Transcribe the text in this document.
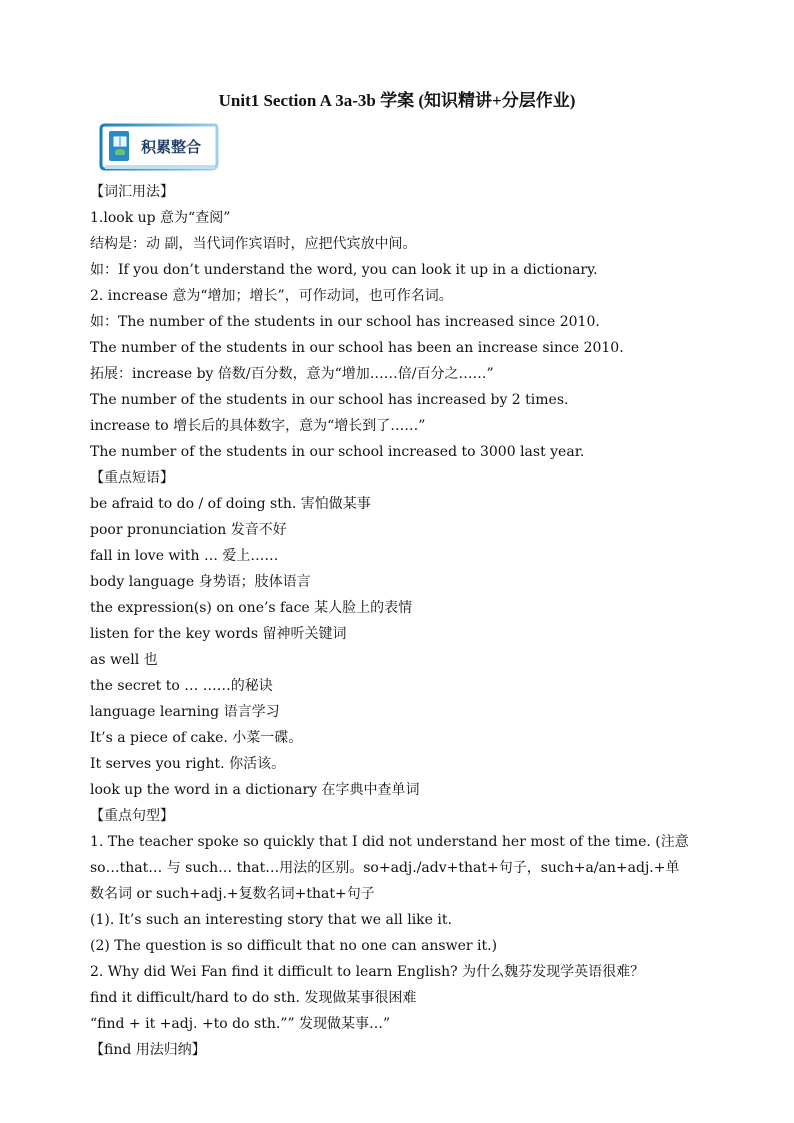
Unit1 Section A 3a-3b 学案 (知识精讲+分层作业)
积累整合
【词汇用法】
1.look up 意为“查阅”
结构是：动 副，当代词作宾语时，应把代宾放中间。
如：If you don’t understand the word, you can look it up in a dictionary.
2. increase 意为“增加；增长”，可作动词，也可作名词。
如：The number of the students in our school has increased since 2010.
The number of the students in our school has been an increase since 2010.
拓展：increase by 倍数/百分数，意为“增加……倍/百分之……”
The number of the students in our school has increased by 2 times.
increase to 增长后的具体数字，意为“增长到了……”
The number of the students in our school increased to 3000 last year.
【重点短语】
be afraid to do / of doing sth. 害怕做某事
poor pronunciation 发音不好
fall in love with … 爱上……
body language 身势语；肢体语言
the expression(s) on one’s face 某人脸上的表情
listen for the key words 留神听关键词
as well 也
the secret to … ……的秘诀
language learning 语言学习
It’s a piece of cake. 小菜一碟。
It serves you right. 你活该。
look up the word in a dictionary 在字典中查单词
【重点句型】
1. The teacher spoke so quickly that I did not understand her most of the time. (注意
so…that… 与 such… that…用法的区别。so+adj./adv+that+句子，such+a/an+adj.+单
数名词 or such+adj.+复数名词+that+句子
(1). It’s such an interesting story that we all like it.
(2) The question is so difficult that no one can answer it.)
2. Why did Wei Fan find it difficult to learn English? 为什么魏芬发现学英语很难？
find it difficult/hard to do sth. 发现做某事很困难
“find + it +adj. +to do sth.”” 发现做某事…”
【find 用法归纳】
